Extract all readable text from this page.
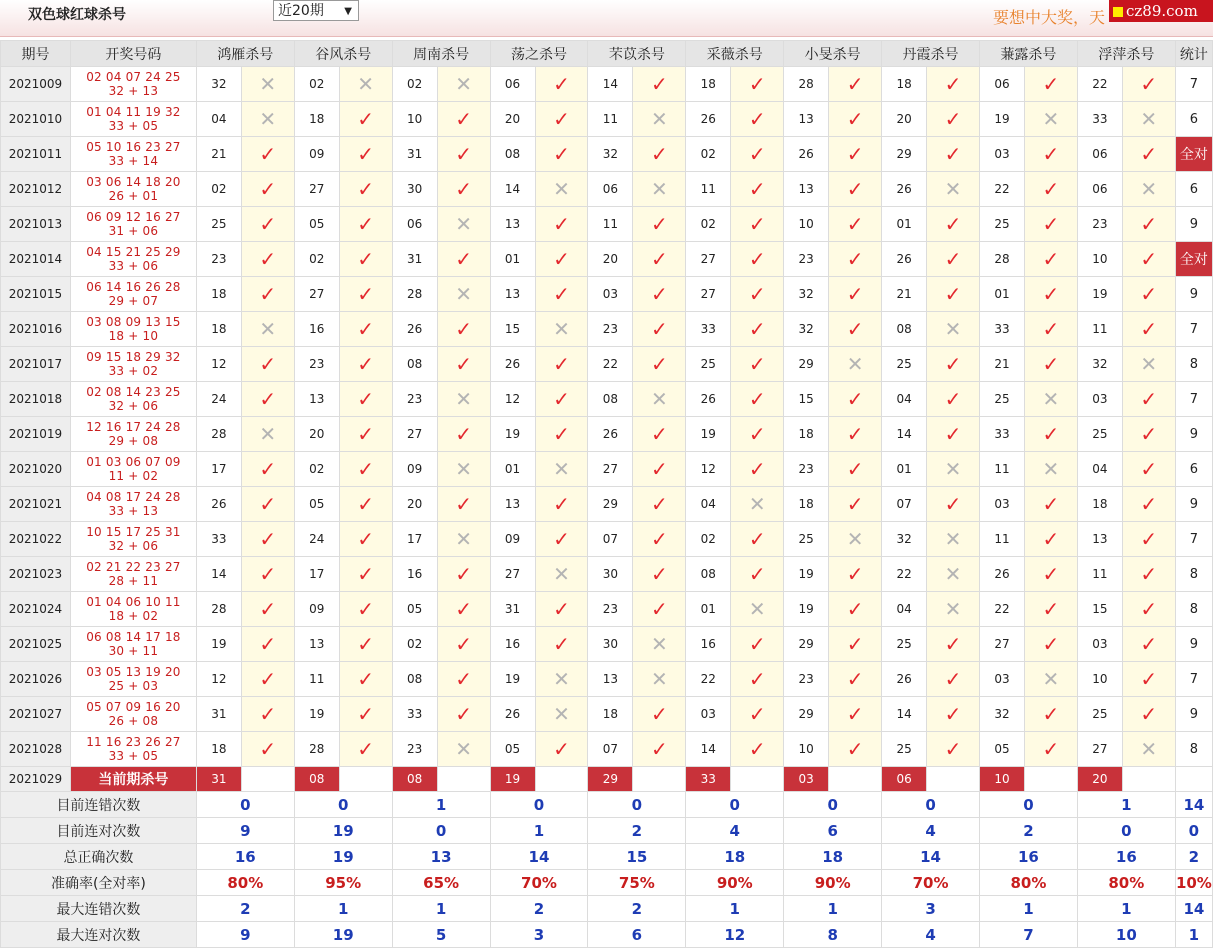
双色球红球杀号	近20期 ▼	要想中大奖，天	cz89.com
期号	开奖号码	鸿雁杀号		谷风杀号		周南杀号		荡之杀号		芣苡杀号		采薇杀号		小旻杀号		丹霞杀号		蒹露杀号		浮萍杀号		统计
2021009	02 04 07 24 25
32 + 13	32	✕	02	✕	02	✕	06	✓	14	✓	18	✓	28	✓	18	✓	06	✓	22	✓	7
2021010	01 04 11 19 32
33 + 05	04	✕	18	✓	10	✓	20	✓	11	✕	26	✓	13	✓	20	✓	19	✕	33	✕	6
2021011	05 10 16 23 27
33 + 14	21	✓	09	✓	31	✓	08	✓	32	✓	02	✓	26	✓	29	✓	03	✓	06	✓	全对
2021012	03 06 14 18 20
26 + 01	02	✓	27	✓	30	✓	14	✕	06	✕	11	✓	13	✓	26	✕	22	✓	06	✕	6
2021013	06 09 12 16 27
31 + 06	25	✓	05	✓	06	✕	13	✓	11	✓	02	✓	10	✓	01	✓	25	✓	23	✓	9
2021014	04 15 21 25 29
33 + 06	23	✓	02	✓	31	✓	01	✓	20	✓	27	✓	23	✓	26	✓	28	✓	10	✓	全对
2021015	06 14 16 26 28
29 + 07	18	✓	27	✓	28	✕	13	✓	03	✓	27	✓	32	✓	21	✓	01	✓	19	✓	9
2021016	03 08 09 13 15
18 + 10	18	✕	16	✓	26	✓	15	✕	23	✓	33	✓	32	✓	08	✕	33	✓	11	✓	7
2021017	09 15 18 29 32
33 + 02	12	✓	23	✓	08	✓	26	✓	22	✓	25	✓	29	✕	25	✓	21	✓	32	✕	8
2021018	02 08 14 23 25
32 + 06	24	✓	13	✓	23	✕	12	✓	08	✕	26	✓	15	✓	04	✓	25	✕	03	✓	7
2021019	12 16 17 24 28
29 + 08	28	✕	20	✓	27	✓	19	✓	26	✓	19	✓	18	✓	14	✓	33	✓	25	✓	9
2021020	01 03 06 07 09
11 + 02	17	✓	02	✓	09	✕	01	✕	27	✓	12	✓	23	✓	01	✕	11	✕	04	✓	6
2021021	04 08 17 24 28
33 + 13	26	✓	05	✓	20	✓	13	✓	29	✓	04	✕	18	✓	07	✓	03	✓	18	✓	9
2021022	10 15 17 25 31
32 + 06	33	✓	24	✓	17	✕	09	✓	07	✓	02	✓	25	✕	32	✕	11	✓	13	✓	7
2021023	02 21 22 23 27
28 + 11	14	✓	17	✓	16	✓	27	✕	30	✓	08	✓	19	✓	22	✕	26	✓	11	✓	8
2021024	01 04 06 10 11
18 + 02	28	✓	09	✓	05	✓	31	✓	23	✓	01	✕	19	✓	04	✕	22	✓	15	✓	8
2021025	06 08 14 17 18
30 + 11	19	✓	13	✓	02	✓	16	✓	30	✕	16	✓	29	✓	25	✓	27	✓	03	✓	9
2021026	03 05 13 19 20
25 + 03	12	✓	11	✓	08	✓	19	✕	13	✕	22	✓	23	✓	26	✓	03	✕	10	✓	7
2021027	05 07 09 16 20
26 + 08	31	✓	19	✓	33	✓	26	✕	18	✓	03	✓	29	✓	14	✓	32	✓	25	✓	9
2021028	11 16 23 26 27
33 + 05	18	✓	28	✓	23	✕	05	✓	07	✓	14	✓	10	✓	25	✓	05	✓	27	✕	8
2021029	当前期杀号	31		08		08		19		29		33		03		06		10		20		
目前连错次数		0		0		1		0		0		0		0		0		0		1		14
目前连对次数		9		19		0		1		2		4		6		4		2		0		0
总正确次数		16		19		13		14		15		18		18		14		16		16		2
准确率(全对率)		80%		95%		65%		70%		75%		90%		90%		70%		80%		80%		10%
最大连错次数		2		1		1		2		2		1		1		3		1		1		14
最大连对次数		9		19		5		3		6		12		8		4		7		10		1
